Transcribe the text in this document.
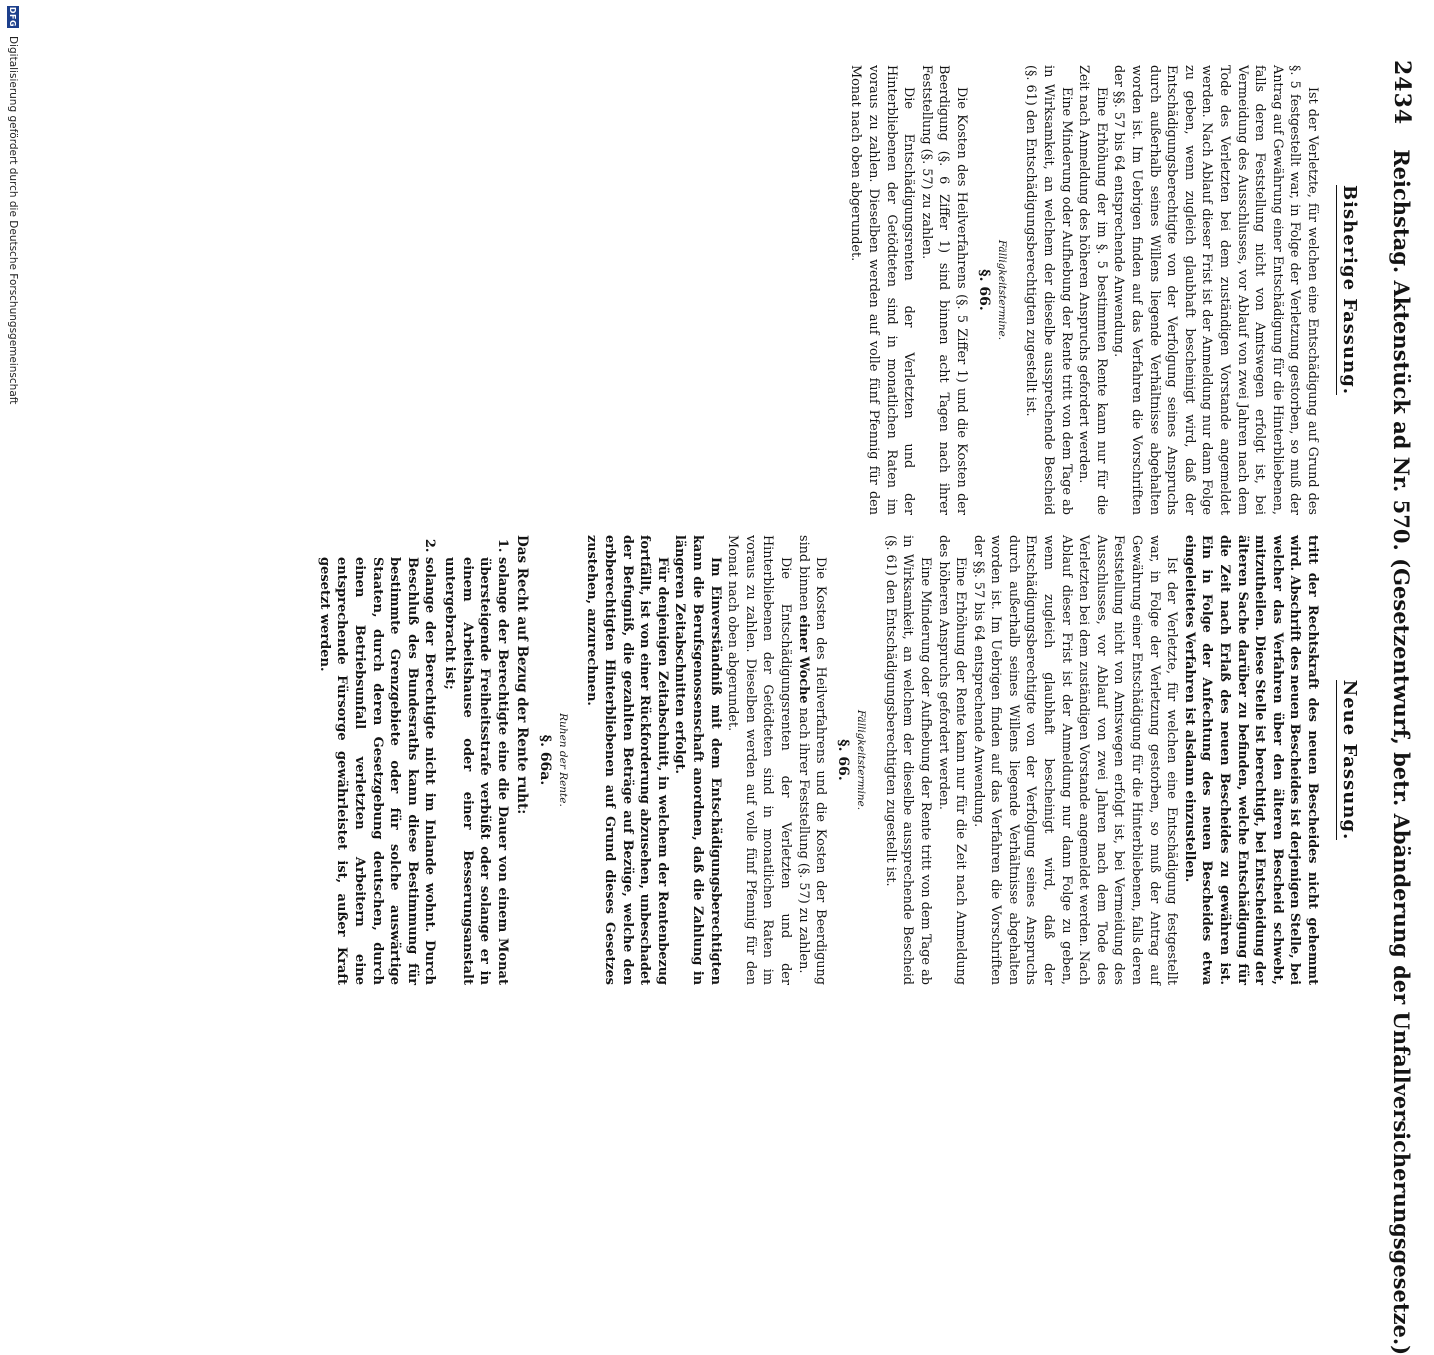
2434
Reichstag. Aktenstück ad Nr. 570. (Gesetzentwurf, betr. Abänderung der Unfallversicherungsgesetze.)
Bisherige Fassung.

Ist der Verletzte, für welchen eine Entschädigung auf Grund des §. 5 festgestellt war, in Folge der Verletzung gestorben, so muß der Antrag auf Gewährung einer Entschädigung für die Hinterbliebenen, falls deren Feststellung nicht von Amtswegen erfolgt ist, bei Vermeidung des Ausschlusses, vor Ablauf von zwei Jahren nach dem Tode des Verletzten bei dem zuständigen Vorstande angemeldet werden. Nach Ablauf dieser Frist ist der Anmeldung nur dann Folge zu geben, wenn zugleich glaubhaft bescheinigt wird, daß der Entschädigungsberechtigte von der Verfolgung seines Anspruchs durch außerhalb seines Willens liegende Verhältnisse abgehalten worden ist. Im Uebrigen finden auf das Verfahren die Vorschriften der §§. 57 bis 64 entsprechende Anwendung.

Eine Erhöhung der im §. 5 bestimmten Rente kann nur für die Zeit nach Anmeldung des höheren Anspruchs gefordert werden.

Eine Minderung oder Aufhebung der Rente tritt von dem Tage ab in Wirksamkeit, an welchem der dieselbe aussprechende Bescheid (§. 61) den Entschädigungsberechtigten zugestellt ist.

Fälligkeitstermine.
§. 66.

Die Kosten des Heilverfahrens (§. 5 Ziffer 1) und die Kosten der Beerdigung (§. 6 Ziffer 1) sind binnen acht Tagen nach ihrer Feststellung (§. 57) zu zahlen.

Die Entschädigungsrenten der Verletzten und der Hinterbliebenen der Getödteten sind in monatlichen Raten im voraus zu zahlen. Dieselben werden auf volle fünf Pfennig für den Monat nach oben abgerundet.

Neue Fassung.

tritt der Rechtskraft des neuen Bescheides nicht gehemmt wird. Abschrift des neuen Bescheides ist derjenigen Stelle, bei welcher das Verfahren über den älteren Bescheid schwebt, mitzutheilen. Diese Stelle ist berechtigt, bei Entscheidung der älteren Sache darüber zu befinden, welche Entschädigung für die Zeit nach Erlaß des neuen Bescheides zu gewähren ist. Ein in Folge der Anfechtung des neuen Bescheides etwa eingeleitetes Verfahren ist alsdann einzustellen.

Ist der Verletzte, für welchen eine Entschädigung festgestellt war, in Folge der Verletzung gestorben, so muß der Antrag auf Gewährung einer Entschädigung für die Hinterbliebenen, falls deren Feststellung nicht von Amtswegen erfolgt ist, bei Vermeidung des Ausschlusses, vor Ablauf von zwei Jahren nach dem Tode des Verletzten bei dem zuständigen Vorstande angemeldet werden. Nach Ablauf dieser Frist ist der Anmeldung nur dann Folge zu geben, wenn zugleich glaubhaft bescheinigt wird, daß der Entschädigungsberechtigte von der Verfolgung seines Anspruchs durch außerhalb seines Willens liegende Verhältnisse abgehalten worden ist. Im Uebrigen finden auf das Verfahren die Vorschriften der §§. 57 bis 64 entsprechende Anwendung.

Eine Erhöhung der Rente kann nur für die Zeit nach Anmeldung des höheren Anspruchs gefordert werden.

Eine Minderung oder Aufhebung der Rente tritt von dem Tage ab in Wirksamkeit, an welchem der dieselbe aussprechende Bescheid (§. 61) den Entschädigungsberechtigten zugestellt ist.

Fälligkeitstermine.
§. 66.

Die Kosten des Heilverfahrens und die Kosten der Beerdigung sind binnen einer Woche nach ihrer Feststellung (§. 57) zu zahlen.

Die Entschädigungsrenten der Verletzten und der Hinterbliebenen der Getödteten sind in monatlichen Raten im voraus zu zahlen. Dieselben werden auf volle fünf Pfennig für den Monat nach oben abgerundet.

Im Einverständniß mit dem Entschädigungsberechtigten kann die Berufsgenossenschaft anordnen, daß die Zahlung in längeren Zeitabschnitten erfolgt.

Für denjenigen Zeitabschnitt, in welchem der Rentenbezug fortfällt, ist von einer Rückforderung abzusehen, unbeschadet der Befugniß, die gezahlten Beträge auf Bezüge, welche den erbberechtigten Hinterbliebenen auf Grund dieses Gesetzes zustehen, anzurechnen.

Ruhen der Rente.
§. 66a.
Das Recht auf Bezug der Rente ruht:
1. solange der Berechtigte eine die Dauer von einem Monat übersteigende Freiheitsstrafe verbüßt oder solange er in einem Arbeitshause oder einer Besserungsanstalt untergebracht ist;
2. solange der Berechtigte nicht im Inlande wohnt. Durch Beschluß des Bundesraths kann diese Bestimmung für bestimmte Grenzgebiete oder für solche auswärtige Staaten, durch deren Gesetzgebung deutschen, durch einen Betriebsunfall verletzten Arbeitern eine entsprechende Fürsorge gewährleistet ist, außer Kraft gesetzt werden.
DFG
Digitalisierung gefördert durch die Deutsche Forschungsgemeinschaft
